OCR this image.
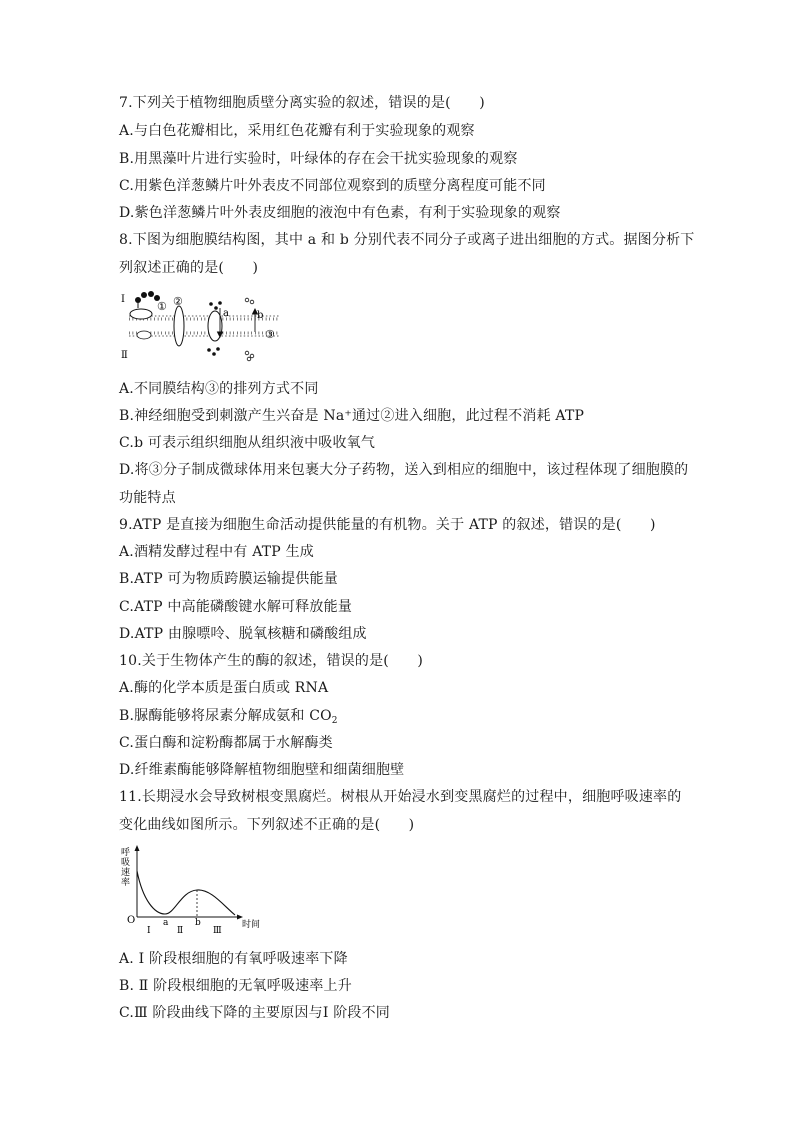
7.下列关于植物细胞质壁分离实验的叙述，错误的是(　　)
A.与白色花瓣相比，采用红色花瓣有利于实验现象的观察
B.用黑藻叶片进行实验时，叶绿体的存在会干扰实验现象的观察
C.用紫色洋葱鳞片叶外表皮不同部位观察到的质壁分离程度可能不同
D.紫色洋葱鳞片叶外表皮细胞的液泡中有色素，有利于实验现象的观察
8.下图为细胞膜结构图，其中 a 和 b 分别代表不同分子或离子进出细胞的方式。据图分析下
列叙述正确的是(　　)
Ⅰ
Ⅱ
① ②
③
a	b
A.不同膜结构③的排列方式不同
B.神经细胞受到刺激产生兴奋是 Na⁺通过②进入细胞，此过程不消耗 ATP
C.b 可表示组织细胞从组织液中吸收氧气
D.将③分子制成微球体用来包裹大分子药物，送入到相应的细胞中，该过程体现了细胞膜的
功能特点
9.ATP 是直接为细胞生命活动提供能量的有机物。关于 ATP 的叙述，错误的是(　　)
A.酒精发酵过程中有 ATP 生成
B.ATP 可为物质跨膜运输提供能量
C.ATP 中高能磷酸键水解可释放能量
D.ATP 由腺嘌呤、脱氧核糖和磷酸组成
10.关于生物体产生的酶的叙述，错误的是(　　)
A.酶的化学本质是蛋白质或 RNA
B.脲酶能够将尿素分解成氨和 $CO_2$
C.蛋白酶和淀粉酶都属于水解酶类
D.纤维素酶能够降解植物细胞壁和细菌细胞壁
11.长期浸水会导致树根变黑腐烂。树根从开始浸水到变黑腐烂的过程中，细胞呼吸速率的
变化曲线如图所示。下列叙述不正确的是(　　)
呼
吸
速
率
O	时间
a	b
Ⅰ	Ⅱ	Ⅲ
A. Ⅰ 阶段根细胞的有氧呼吸速率下降
B. Ⅱ 阶段根细胞的无氧呼吸速率上升
C.Ⅲ 阶段曲线下降的主要原因与Ⅰ 阶段不同
